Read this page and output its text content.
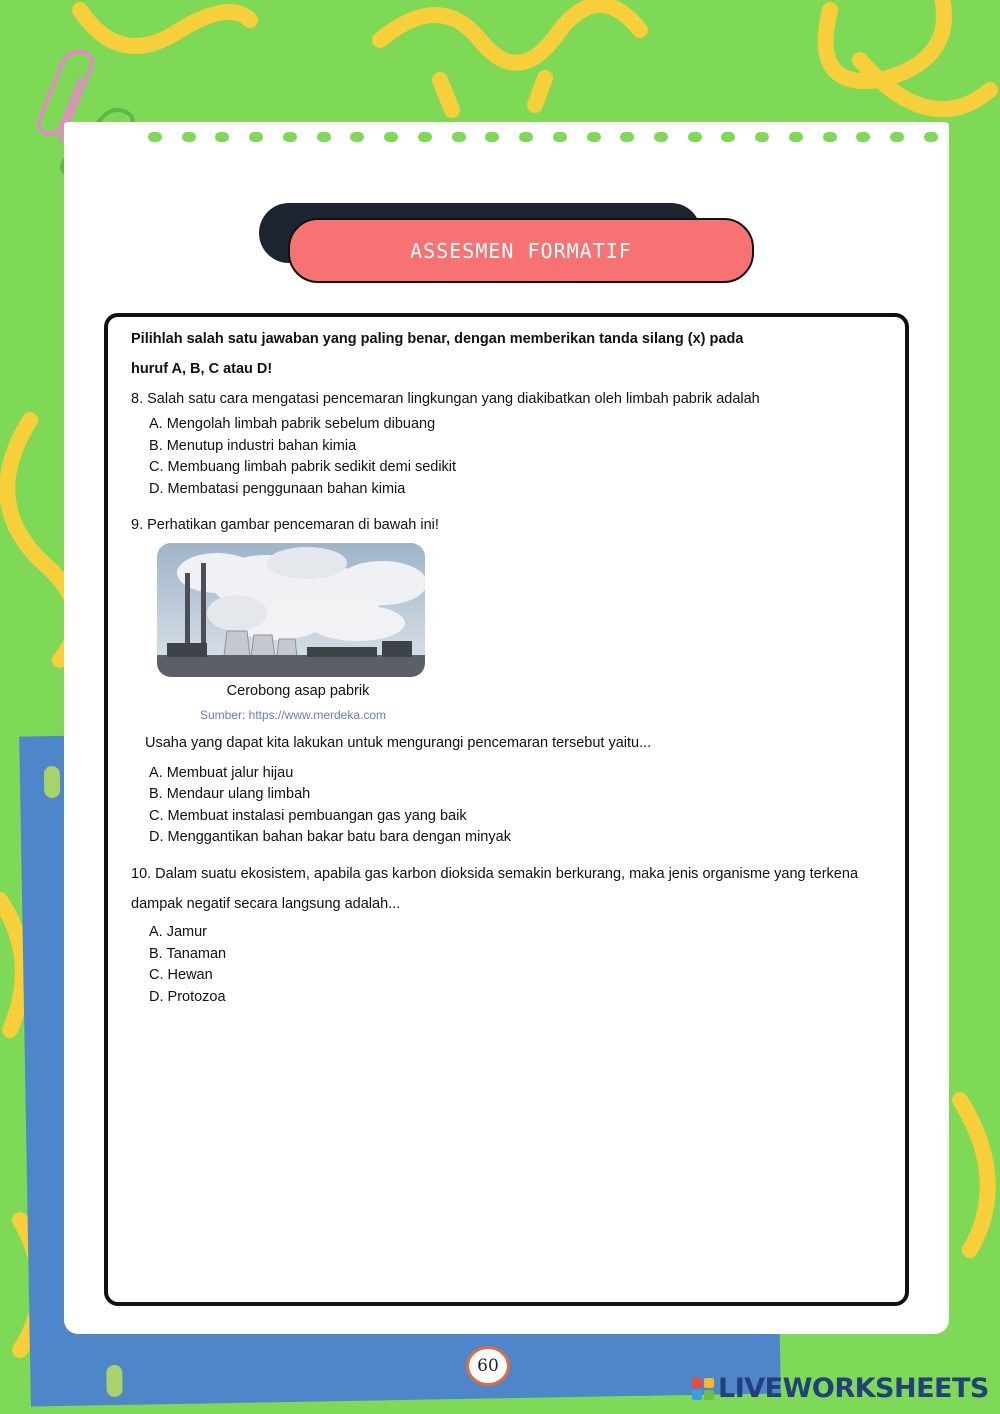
ASSESMEN FORMATIF
Pilihlah salah satu jawaban yang paling benar, dengan memberikan tanda silang (x) pada
huruf A, B, C atau D!
8. Salah satu cara mengatasi pencemaran lingkungan yang diakibatkan oleh limbah pabrik adalah
A. Mengolah limbah pabrik sebelum dibuang
B. Menutup industri bahan kimia
C. Membuang limbah pabrik sedikit demi sedikit
D. Membatasi penggunaan bahan kimia
9. Perhatikan gambar pencemaran di bawah ini!
Cerobong asap pabrik
Sumber: https://www.merdeka.com
Usaha yang dapat kita lakukan untuk mengurangi pencemaran tersebut yaitu...
A. Membuat jalur hijau
B. Mendaur ulang limbah
C. Membuat instalasi pembuangan gas yang baik
D. Menggantikan bahan bakar batu bara dengan minyak
10. Dalam suatu ekosistem, apabila gas karbon dioksida semakin berkurang, maka jenis organisme yang terkena
dampak negatif secara langsung adalah...
A. Jamur
B. Tanaman
C. Hewan
D. Protozoa
60
LIVEWORKSHEETS
